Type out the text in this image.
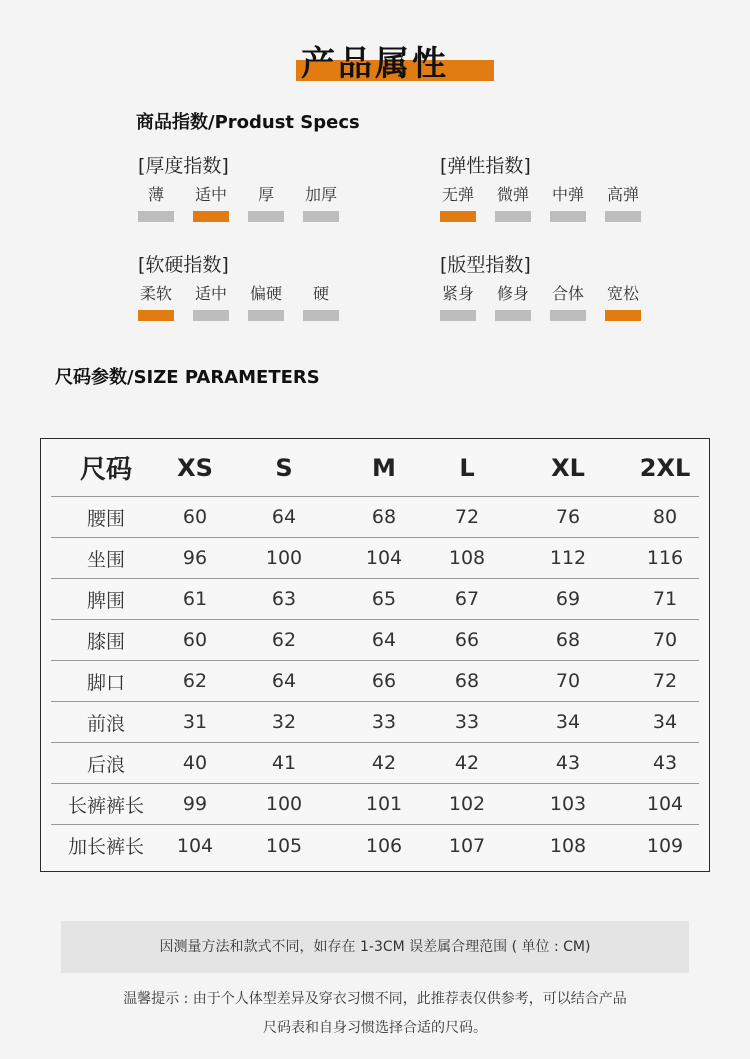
产品属性
商品指数/Produst Specs
[厚度指数]
薄	适中	厚	加厚
[弹性指数]
无弹	微弹	中弹	高弹
[软硬指数]
柔软	适中	偏硬	硬
[版型指数]
紧身	修身	合体	宽松
尺码参数/SIZE PARAMETERS
尺码	XS	S	M	L	XL	2XL
腰围	60	64	68	72	76	80
坐围	96	100	104	108	112	116
脾围	61	63	65	67	69	71
膝围	60	62	64	66	68	70
脚口	62	64	66	68	70	72
前浪	31	32	33	33	34	34
后浪	40	41	42	42	43	43
长裤裤长	99	100	101	102	103	104
加长裤长	104	105	106	107	108	109
因测量方法和款式不同，如存在 1-3CM 误差属合理范围 ( 单位 : CM)
温馨提示 : 由于个人体型差异及穿衣习惯不同，此推荐表仅供参考，可以结合产品
尺码表和自身习惯选择合适的尺码。
